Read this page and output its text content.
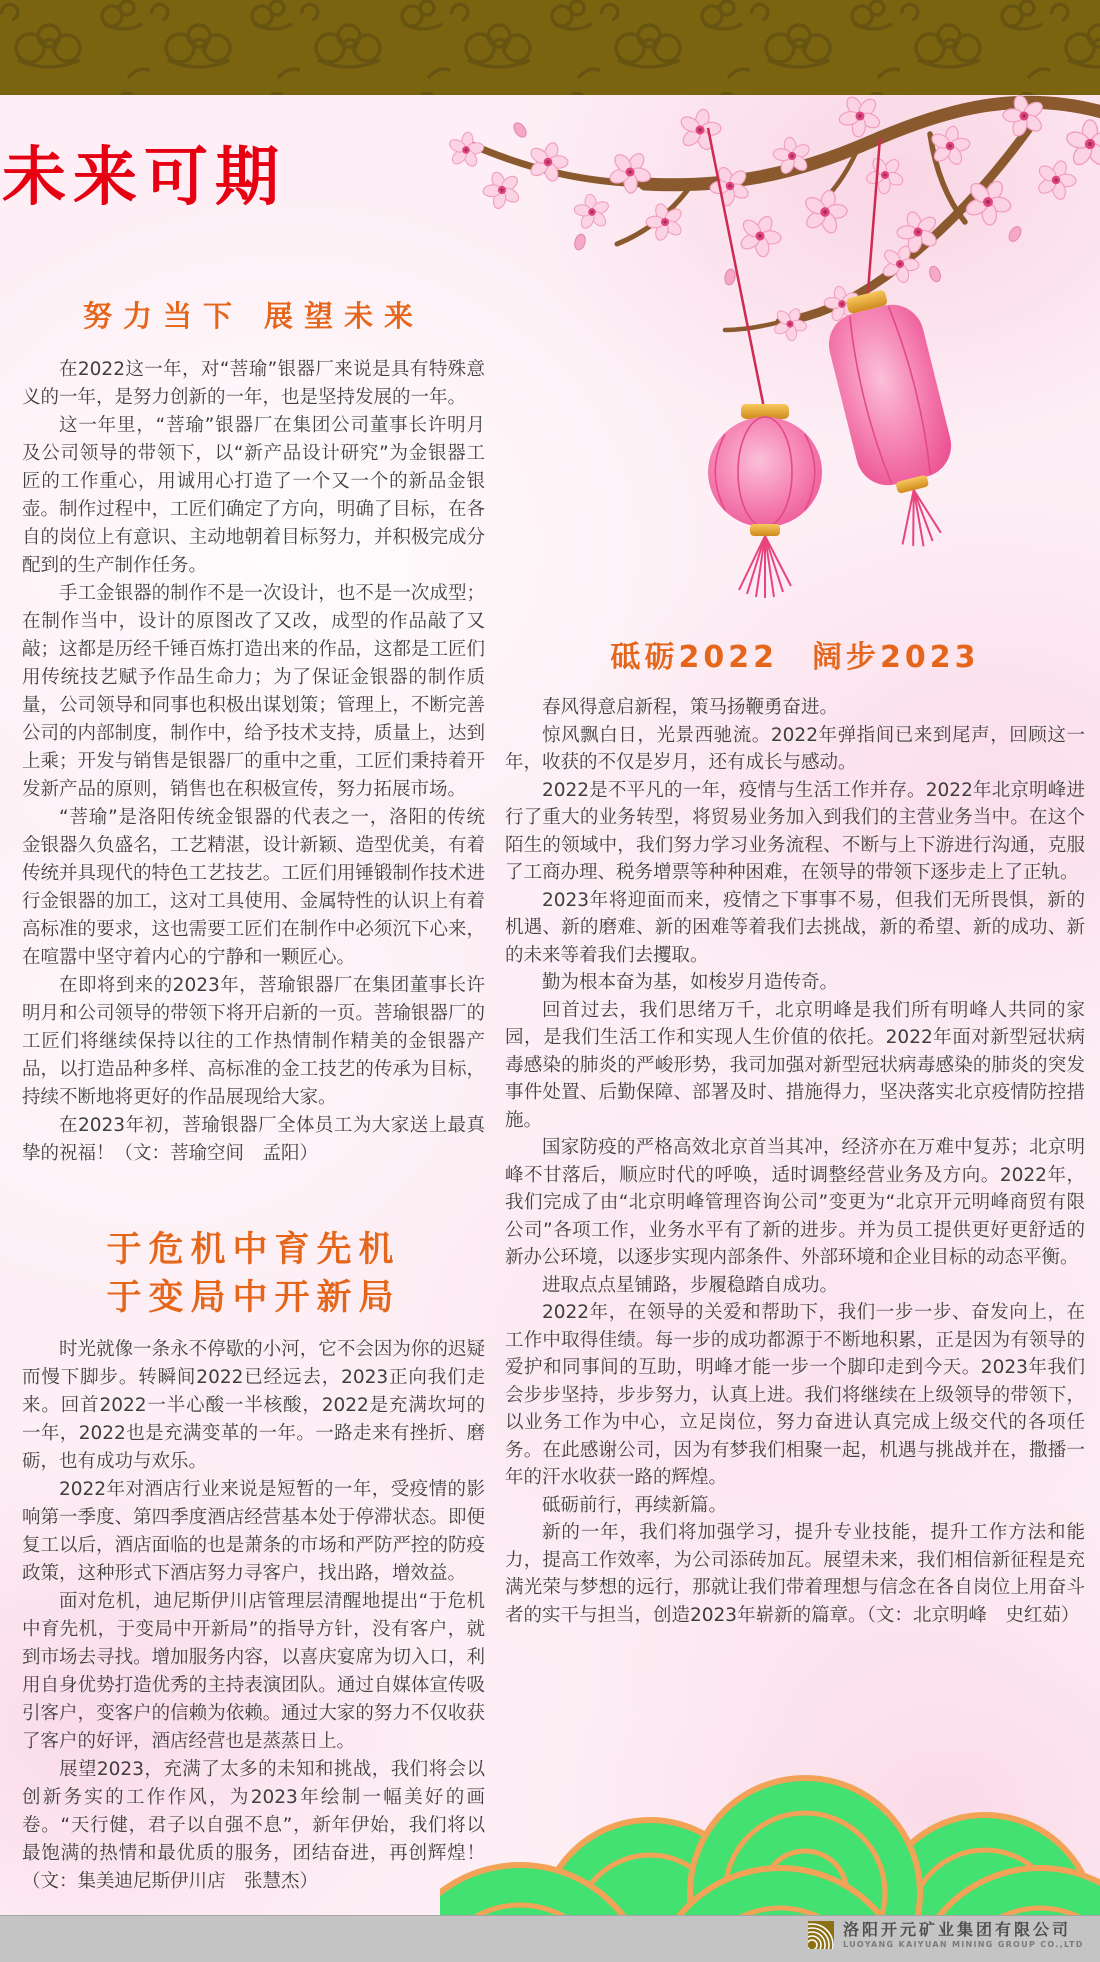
未来可期
努力当下 展望未来

在2022这一年，对“菩瑜”银器厂来说是具有特殊意义的一年，是努力创新的一年，也是坚持发展的一年。

这一年里，“菩瑜”银器厂在集团公司董事长许明月及公司领导的带领下，以“新产品设计研究”为金银器工匠的工作重心，用诚用心打造了一个又一个的新品金银壶。制作过程中，工匠们确定了方向，明确了目标，在各自的岗位上有意识、主动地朝着目标努力，并积极完成分配到的生产制作任务。

手工金银器的制作不是一次设计，也不是一次成型；在制作当中，设计的原图改了又改，成型的作品敲了又敲；这都是历经千锤百炼打造出来的作品，这都是工匠们用传统技艺赋予作品生命力；为了保证金银器的制作质量，公司领导和同事也积极出谋划策；管理上，不断完善公司的内部制度，制作中，给予技术支持，质量上，达到上乘；开发与销售是银器厂的重中之重，工匠们秉持着开发新产品的原则，销售也在积极宣传，努力拓展市场。

“菩瑜”是洛阳传统金银器的代表之一，洛阳的传统金银器久负盛名，工艺精湛，设计新颖、造型优美，有着传统并具现代的特色工艺技艺。工匠们用锤锻制作技术进行金银器的加工，这对工具使用、金属特性的认识上有着高标准的要求，这也需要工匠们在制作中必须沉下心来，在喧嚣中坚守着内心的宁静和一颗匠心。

在即将到来的2023年，菩瑜银器厂在集团董事长许明月和公司领导的带领下将开启新的一页。菩瑜银器厂的工匠们将继续保持以往的工作热情制作精美的金银器产品，以打造品种多样、高标准的金工技艺的传承为目标，持续不断地将更好的作品展现给大家。

在2023年初，菩瑜银器厂全体员工为大家送上最真挚的祝福！（文：菩瑜空间　孟阳）

于危机中育先机
于变局中开新局

时光就像一条永不停歇的小河，它不会因为你的迟疑而慢下脚步。转瞬间2022已经远去，2023正向我们走来。回首2022一半心酸一半核酸，2022是充满坎坷的一年，2022也是充满变革的一年。一路走来有挫折、磨砺，也有成功与欢乐。

2022年对酒店行业来说是短暂的一年，受疫情的影响第一季度、第四季度酒店经营基本处于停滞状态。即便复工以后，酒店面临的也是萧条的市场和严防严控的防疫政策，这种形式下酒店努力寻客户，找出路，增效益。

面对危机，迪尼斯伊川店管理层清醒地提出“于危机中育先机，于变局中开新局”的指导方针，没有客户，就到市场去寻找。增加服务内容，以喜庆宴席为切入口，利用自身优势打造优秀的主持表演团队。通过自媒体宣传吸引客户，变客户的信赖为依赖。通过大家的努力不仅收获了客户的好评，酒店经营也是蒸蒸日上。

展望2023，充满了太多的未知和挑战，我们将会以创新务实的工作作风，为2023年绘制一幅美好的画卷。“天行健，君子以自强不息”，新年伊始，我们将以最饱满的热情和最优质的服务，团结奋进，再创辉煌！（文：集美迪尼斯伊川店　张慧杰）

砥砺2022　阔步2023

春风得意启新程，策马扬鞭勇奋进。

惊风飘白日，光景西驰流。2022年弹指间已来到尾声，回顾这一年，收获的不仅是岁月，还有成长与感动。

2022是不平凡的一年，疫情与生活工作并存。2022年北京明峰进行了重大的业务转型，将贸易业务加入到我们的主营业务当中。在这个陌生的领域中，我们努力学习业务流程、不断与上下游进行沟通，克服了工商办理、税务增票等种种困难，在领导的带领下逐步走上了正轨。

2023年将迎面而来，疫情之下事事不易，但我们无所畏惧，新的机遇、新的磨难、新的困难等着我们去挑战，新的希望、新的成功、新的未来等着我们去攫取。

勤为根本奋为基，如梭岁月造传奇。

回首过去，我们思绪万千，北京明峰是我们所有明峰人共同的家园，是我们生活工作和实现人生价值的依托。2022年面对新型冠状病毒感染的肺炎的严峻形势，我司加强对新型冠状病毒感染的肺炎的突发事件处置、后勤保障、部署及时、措施得力，坚决落实北京疫情防控措施。

国家防疫的严格高效北京首当其冲，经济亦在万难中复苏；北京明峰不甘落后，顺应时代的呼唤，适时调整经营业务及方向。2022年，我们完成了由“北京明峰管理咨询公司”变更为“北京开元明峰商贸有限公司”各项工作，业务水平有了新的进步。并为员工提供更好更舒适的新办公环境，以逐步实现内部条件、外部环境和企业目标的动态平衡。

进取点点星铺路，步履稳踏自成功。

2022年，在领导的关爱和帮助下，我们一步一步、奋发向上，在工作中取得佳绩。每一步的成功都源于不断地积累，正是因为有领导的爱护和同事间的互助，明峰才能一步一个脚印走到今天。2023年我们会步步坚持，步步努力，认真上进。我们将继续在上级领导的带领下，以业务工作为中心，立足岗位，努力奋进认真完成上级交代的各项任务。在此感谢公司，因为有梦我们相聚一起，机遇与挑战并在，撒播一年的汗水收获一路的辉煌。

砥砺前行，再续新篇。

新的一年，我们将加强学习，提升专业技能，提升工作方法和能力，提高工作效率，为公司添砖加瓦。展望未来，我们相信新征程是充满光荣与梦想的远行，那就让我们带着理想与信念在各自岗位上用奋斗者的实干与担当，创造2023年崭新的篇章。（文：北京明峰　史红茹）

洛阳开元矿业集团有限公司
LUOYANG KAIYUAN MINING GROUP CO.,LTD
